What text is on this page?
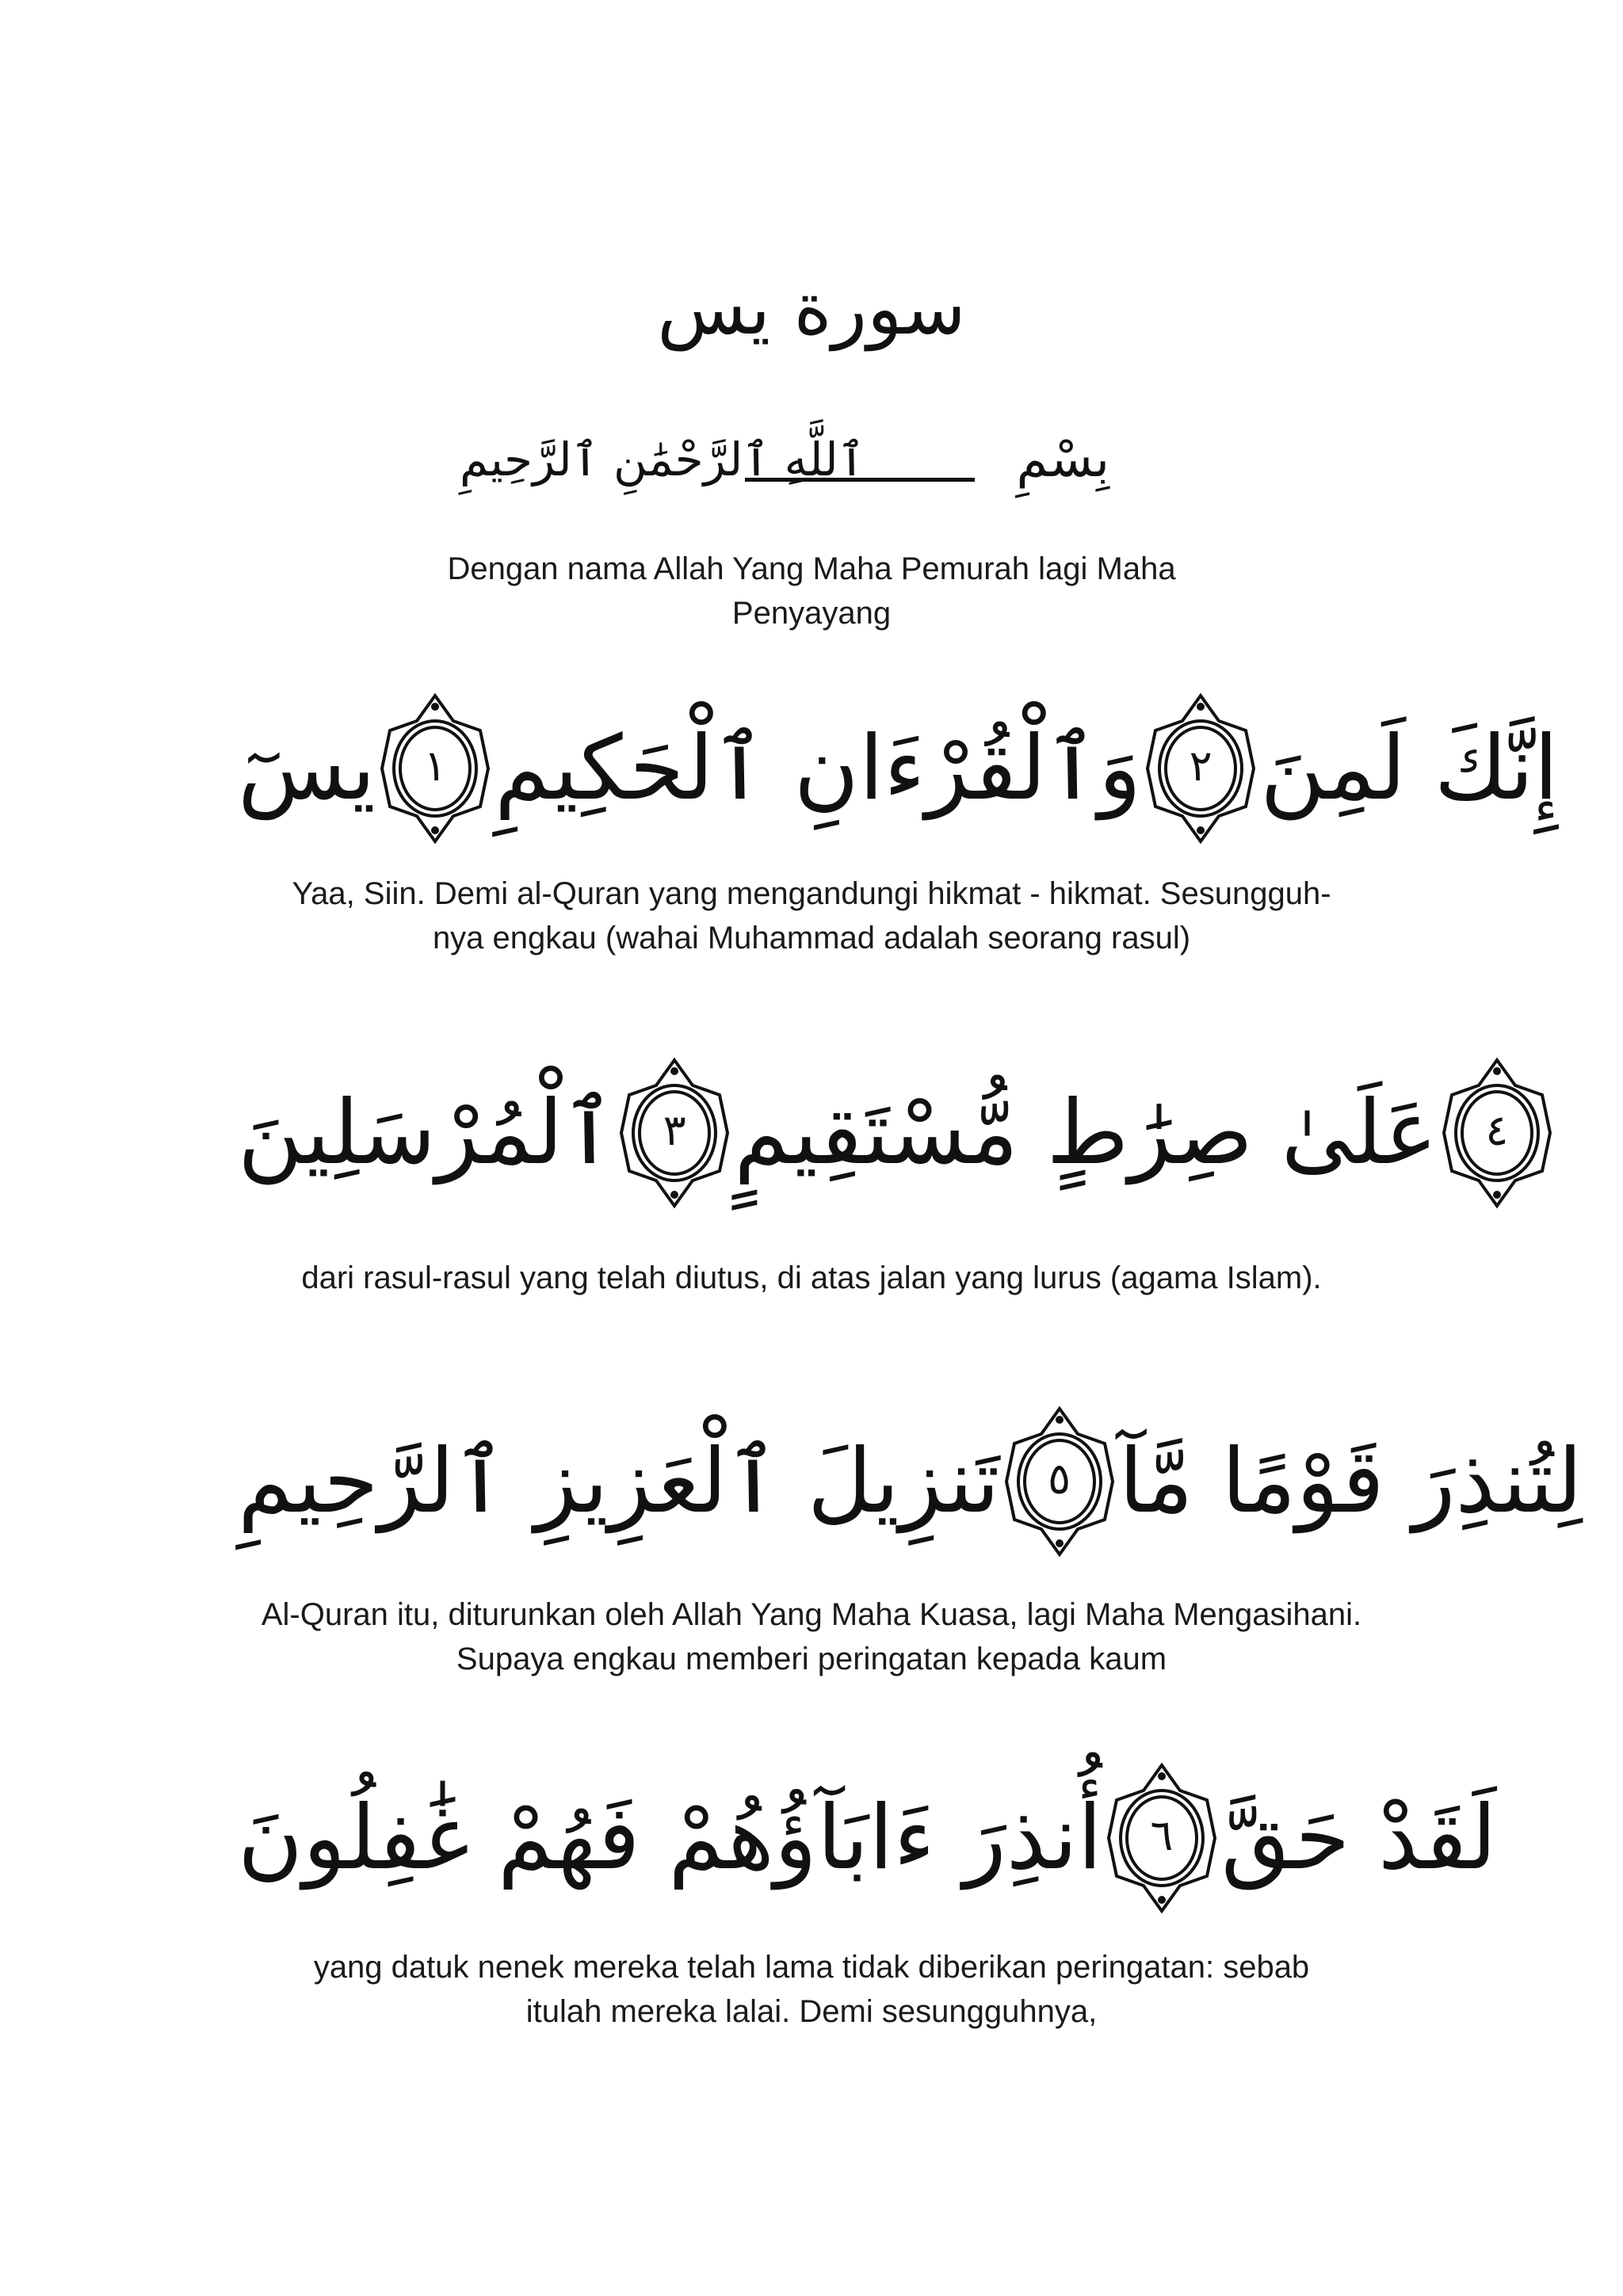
سورة يس
بِسْمِ
ٱللَّهِ ٱلرَّحْمَٰنِ ٱلرَّحِيمِ
Dengan nama Allah Yang Maha Pemurah lagi Maha
Penyayang
يسٓ	١ وَٱلْقُرْءَانِ ٱلْحَكِيمِ	٢ إِنَّكَ لَمِنَ
Yaa, Siin. Demi al-Quran yang mengandungi hikmat - hikmat. Sesungguh-
nya engkau (wahai Muhammad adalah seorang rasul)
ٱلْمُرْسَلِينَ	٣ عَلَىٰ صِرَٰطٍ مُّسْتَقِيمٍ	٤
dari rasul-rasul yang telah diutus, di atas jalan yang lurus (agama Islam).
تَنزِيلَ ٱلْعَزِيزِ ٱلرَّحِيمِ	٥ لِتُنذِرَ قَوْمًا مَّآ
Al-Quran itu, diturunkan oleh Allah Yang Maha Kuasa, lagi Maha Mengasihani.
Supaya engkau memberi peringatan kepada kaum
أُنذِرَ ءَابَآؤُهُمْ فَهُمْ غَٰفِلُونَ	٦ لَقَدْ حَقَّ
yang datuk nenek mereka telah lama tidak diberikan peringatan: sebab
itulah mereka lalai. Demi sesungguhnya,
